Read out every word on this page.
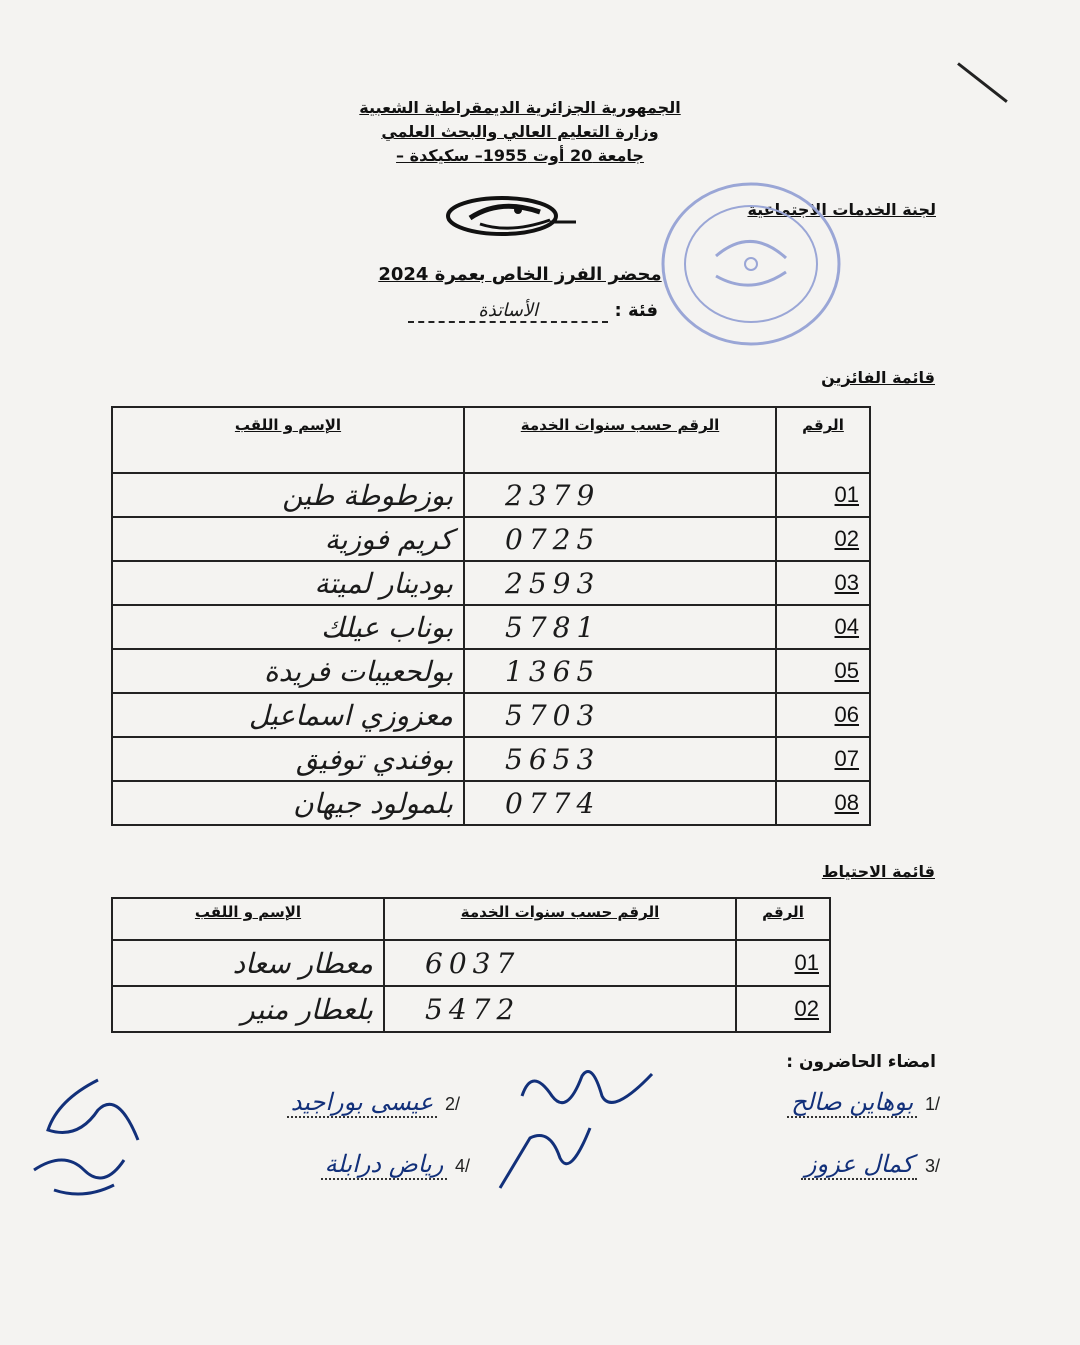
الجمهورية الجزائرية الديمقراطية الشعبية
وزارة التعليم العالي والبحث العلمي
جامعة 20 أوت 1955– سكيكدة –
لجنة الخدمات الاجتماعية
محضر الفرز الخاص بعمرة 2024
فئة : الأساتذة
قائمة الفائزين
الرقم	الرقم حسب سنوات الخدمة	الإسم و اللقب
01	2379	بوزطوطة طين
02	0725	كريم فوزية
03	2593	بودينار لميتة
04	5781	بوناب عيلك
05	1365	بولحعيبات فريدة
06	5703	معزوزي اسماعيل
07	5653	بوفندي توفيق
08	0774	بلمولود جيهان
قائمة الاحتياط
الرقم	الرقم حسب سنوات الخدمة	الإسم و اللقب
01	6037	معطار سعاد
02	5472	بلعطار منير
امضاء الحاضرون :
/1 بوهاين صالح
/2 عيسى بوراجيد
/3 كمال عزوز
/4 رياض درابلة
